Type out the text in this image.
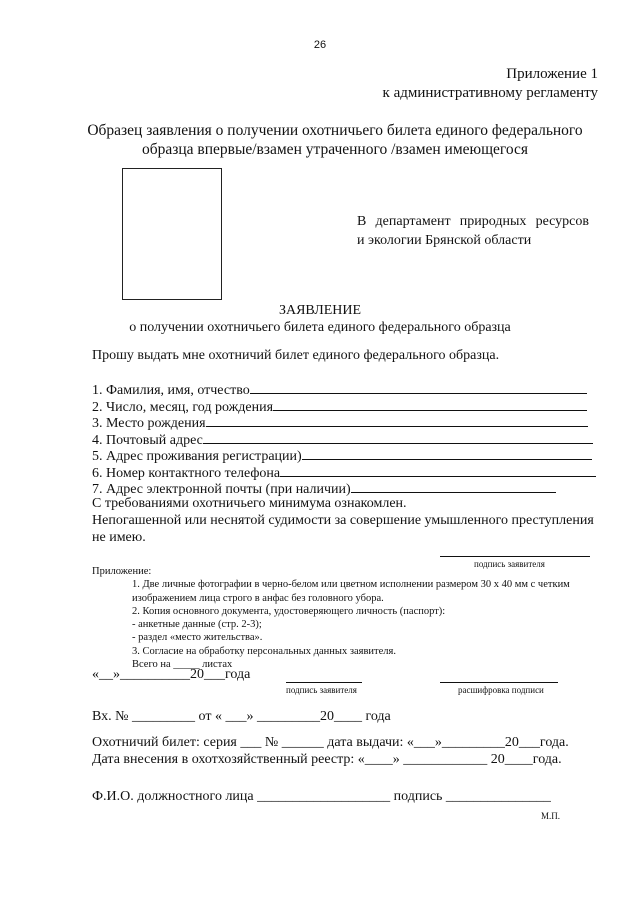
26
Приложение 1
к административному регламенту
Образец заявления о получении охотничьего билета единого федерального
образца впервые/взамен утраченного /взамен имеющегося
В департамент природных ресурсов
и экологии Брянской области
ЗАЯВЛЕНИЕ
о получении охотничьего билета единого федерального образца
Прошу выдать мне охотничий билет единого федерального образца.
1. Фамилия, имя, отчество
2. Число, месяц, год рождения
3. Место рождения
4. Почтовый адрес
5. Адрес проживания регистрации)
6. Номер контактного телефона
7. Адрес электронной почты (при наличии)
С требованиями охотничьего минимума ознакомлен.
Непогашенной или неснятой судимости за совершение умышленного преступления
не имею.
подпись заявителя
Приложение:
1. Две личные фотографии в черно-белом или цветном исполнении размером 30 х 40 мм с четким
изображением лица строго в анфас без головного убора.
2. Копия основного документа, удостоверяющего личность (паспорт):
- анкетные данные (стр. 2-3);
- раздел «место жительства».
3. Согласие на обработку персональных данных заявителя.
Всего на _____ листах
«__»__________20___года
подпись заявителя	расшифровка подписи
Вх. № _________ от « ___» _________20____ года
Охотничий билет: серия ___ № ______ дата выдачи: «___»_________20___года.
Дата внесения в охотхозяйственный реестр: «____» ____________ 20____года.
Ф.И.О. должностного лица ___________________ подпись _______________
М.П.
